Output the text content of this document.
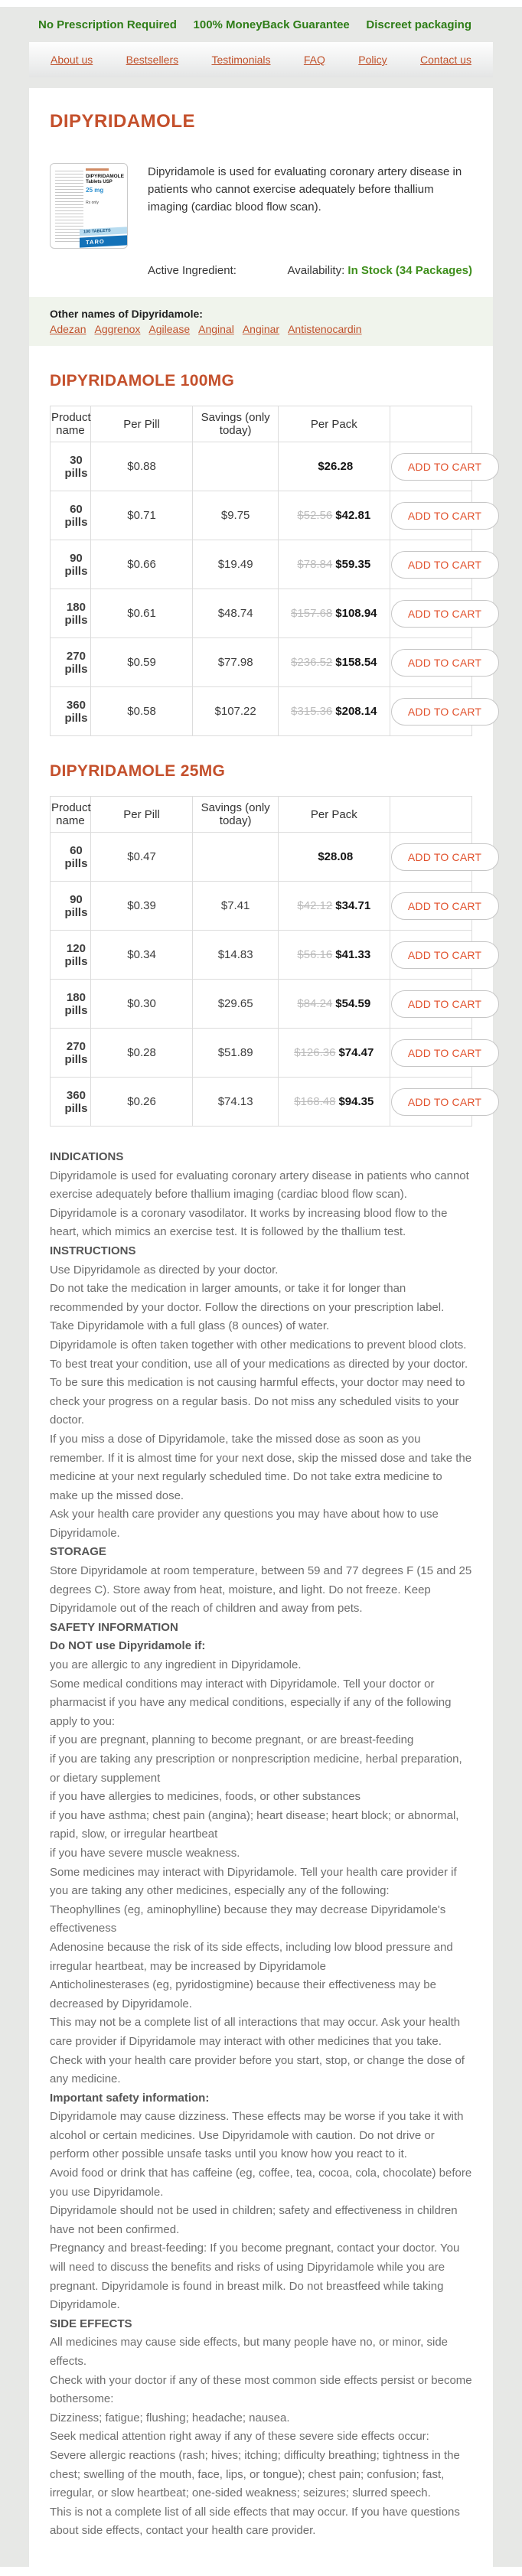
No Prescription Required 100% MoneyBack Guarantee Discreet packaging
About us	Bestsellers	Testimonials	FAQ	Policy	Contact us
DIPYRIDAMOLE
DIPYRIDAMOLE
Tablets USP
25 mg
Rx only
100 TABLETS
TARO
Dipyridamole is used for evaluating coronary artery disease in patients who cannot exercise adequately before thallium imaging (cardiac blood flow scan).
Active Ingredient:	Availability: In Stock (34 Packages)
Other names of Dipyridamole:
Adezan Aggrenox Agilease Anginal Anginar Antistenocardin
DIPYRIDAMOLE 100MG
Product name	Per Pill	Savings (only today)	Per Pack	
30 pills	$0.88		$26.28	ADD TO CART
60 pills	$0.71	$9.75	$52.56 $42.81	ADD TO CART
90 pills	$0.66	$19.49	$78.84 $59.35	ADD TO CART
180 pills	$0.61	$48.74	$157.68 $108.94	ADD TO CART
270 pills	$0.59	$77.98	$236.52 $158.54	ADD TO CART
360 pills	$0.58	$107.22	$315.36 $208.14	ADD TO CART
DIPYRIDAMOLE 25MG
Product name	Per Pill	Savings (only today)	Per Pack	
60 pills	$0.47		$28.08	ADD TO CART
90 pills	$0.39	$7.41	$42.12 $34.71	ADD TO CART
120 pills	$0.34	$14.83	$56.16 $41.33	ADD TO CART
180 pills	$0.30	$29.65	$84.24 $54.59	ADD TO CART
270 pills	$0.28	$51.89	$126.36 $74.47	ADD TO CART
360 pills	$0.26	$74.13	$168.48 $94.35	ADD TO CART

INDICATIONS

Dipyridamole is used for evaluating coronary artery disease in patients who cannot exercise adequately before thallium imaging (cardiac blood flow scan). Dipyridamole is a coronary vasodilator. It works by increasing blood flow to the heart, which mimics an exercise test. It is followed by the thallium test.

INSTRUCTIONS

Use Dipyridamole as directed by your doctor.

Do not take the medication in larger amounts, or take it for longer than recommended by your doctor. Follow the directions on your prescription label.

Take Dipyridamole with a full glass (8 ounces) of water.

Dipyridamole is often taken together with other medications to prevent blood clots. To best treat your condition, use all of your medications as directed by your doctor.

To be sure this medication is not causing harmful effects, your doctor may need to check your progress on a regular basis. Do not miss any scheduled visits to your doctor.

If you miss a dose of Dipyridamole, take the missed dose as soon as you remember. If it is almost time for your next dose, skip the missed dose and take the medicine at your next regularly scheduled time. Do not take extra medicine to make up the missed dose.

Ask your health care provider any questions you may have about how to use Dipyridamole.

STORAGE

Store Dipyridamole at room temperature, between 59 and 77 degrees F (15 and 25 degrees C). Store away from heat, moisture, and light. Do not freeze. Keep Dipyridamole out of the reach of children and away from pets.

SAFETY INFORMATION

Do NOT use Dipyridamole if:

you are allergic to any ingredient in Dipyridamole.

Some medical conditions may interact with Dipyridamole. Tell your doctor or pharmacist if you have any medical conditions, especially if any of the following apply to you:

if you are pregnant, planning to become pregnant, or are breast-feeding

if you are taking any prescription or nonprescription medicine, herbal preparation, or dietary supplement

if you have allergies to medicines, foods, or other substances

if you have asthma; chest pain (angina); heart disease; heart block; or abnormal, rapid, slow, or irregular heartbeat

if you have severe muscle weakness.

Some medicines may interact with Dipyridamole. Tell your health care provider if you are taking any other medicines, especially any of the following:

Theophyllines (eg, aminophylline) because they may decrease Dipyridamole's effectiveness

Adenosine because the risk of its side effects, including low blood pressure and irregular heartbeat, may be increased by Dipyridamole

Anticholinesterases (eg, pyridostigmine) because their effectiveness may be decreased by Dipyridamole.

This may not be a complete list of all interactions that may occur. Ask your health care provider if Dipyridamole may interact with other medicines that you take. Check with your health care provider before you start, stop, or change the dose of any medicine.

Important safety information:

Dipyridamole may cause dizziness. These effects may be worse if you take it with alcohol or certain medicines. Use Dipyridamole with caution. Do not drive or perform other possible unsafe tasks until you know how you react to it.

Avoid food or drink that has caffeine (eg, coffee, tea, cocoa, cola, chocolate) before you use Dipyridamole.

Dipyridamole should not be used in children; safety and effectiveness in children have not been confirmed.

Pregnancy and breast-feeding: If you become pregnant, contact your doctor. You will need to discuss the benefits and risks of using Dipyridamole while you are pregnant. Dipyridamole is found in breast milk. Do not breastfeed while taking Dipyridamole.

SIDE EFFECTS

All medicines may cause side effects, but many people have no, or minor, side effects.

Check with your doctor if any of these most common side effects persist or become bothersome:

Dizziness; fatigue; flushing; headache; nausea.

Seek medical attention right away if any of these severe side effects occur:

Severe allergic reactions (rash; hives; itching; difficulty breathing; tightness in the chest; swelling of the mouth, face, lips, or tongue); chest pain; confusion; fast, irregular, or slow heartbeat; one-sided weakness; seizures; slurred speech.

This is not a complete list of all side effects that may occur. If you have questions about side effects, contact your health care provider.
